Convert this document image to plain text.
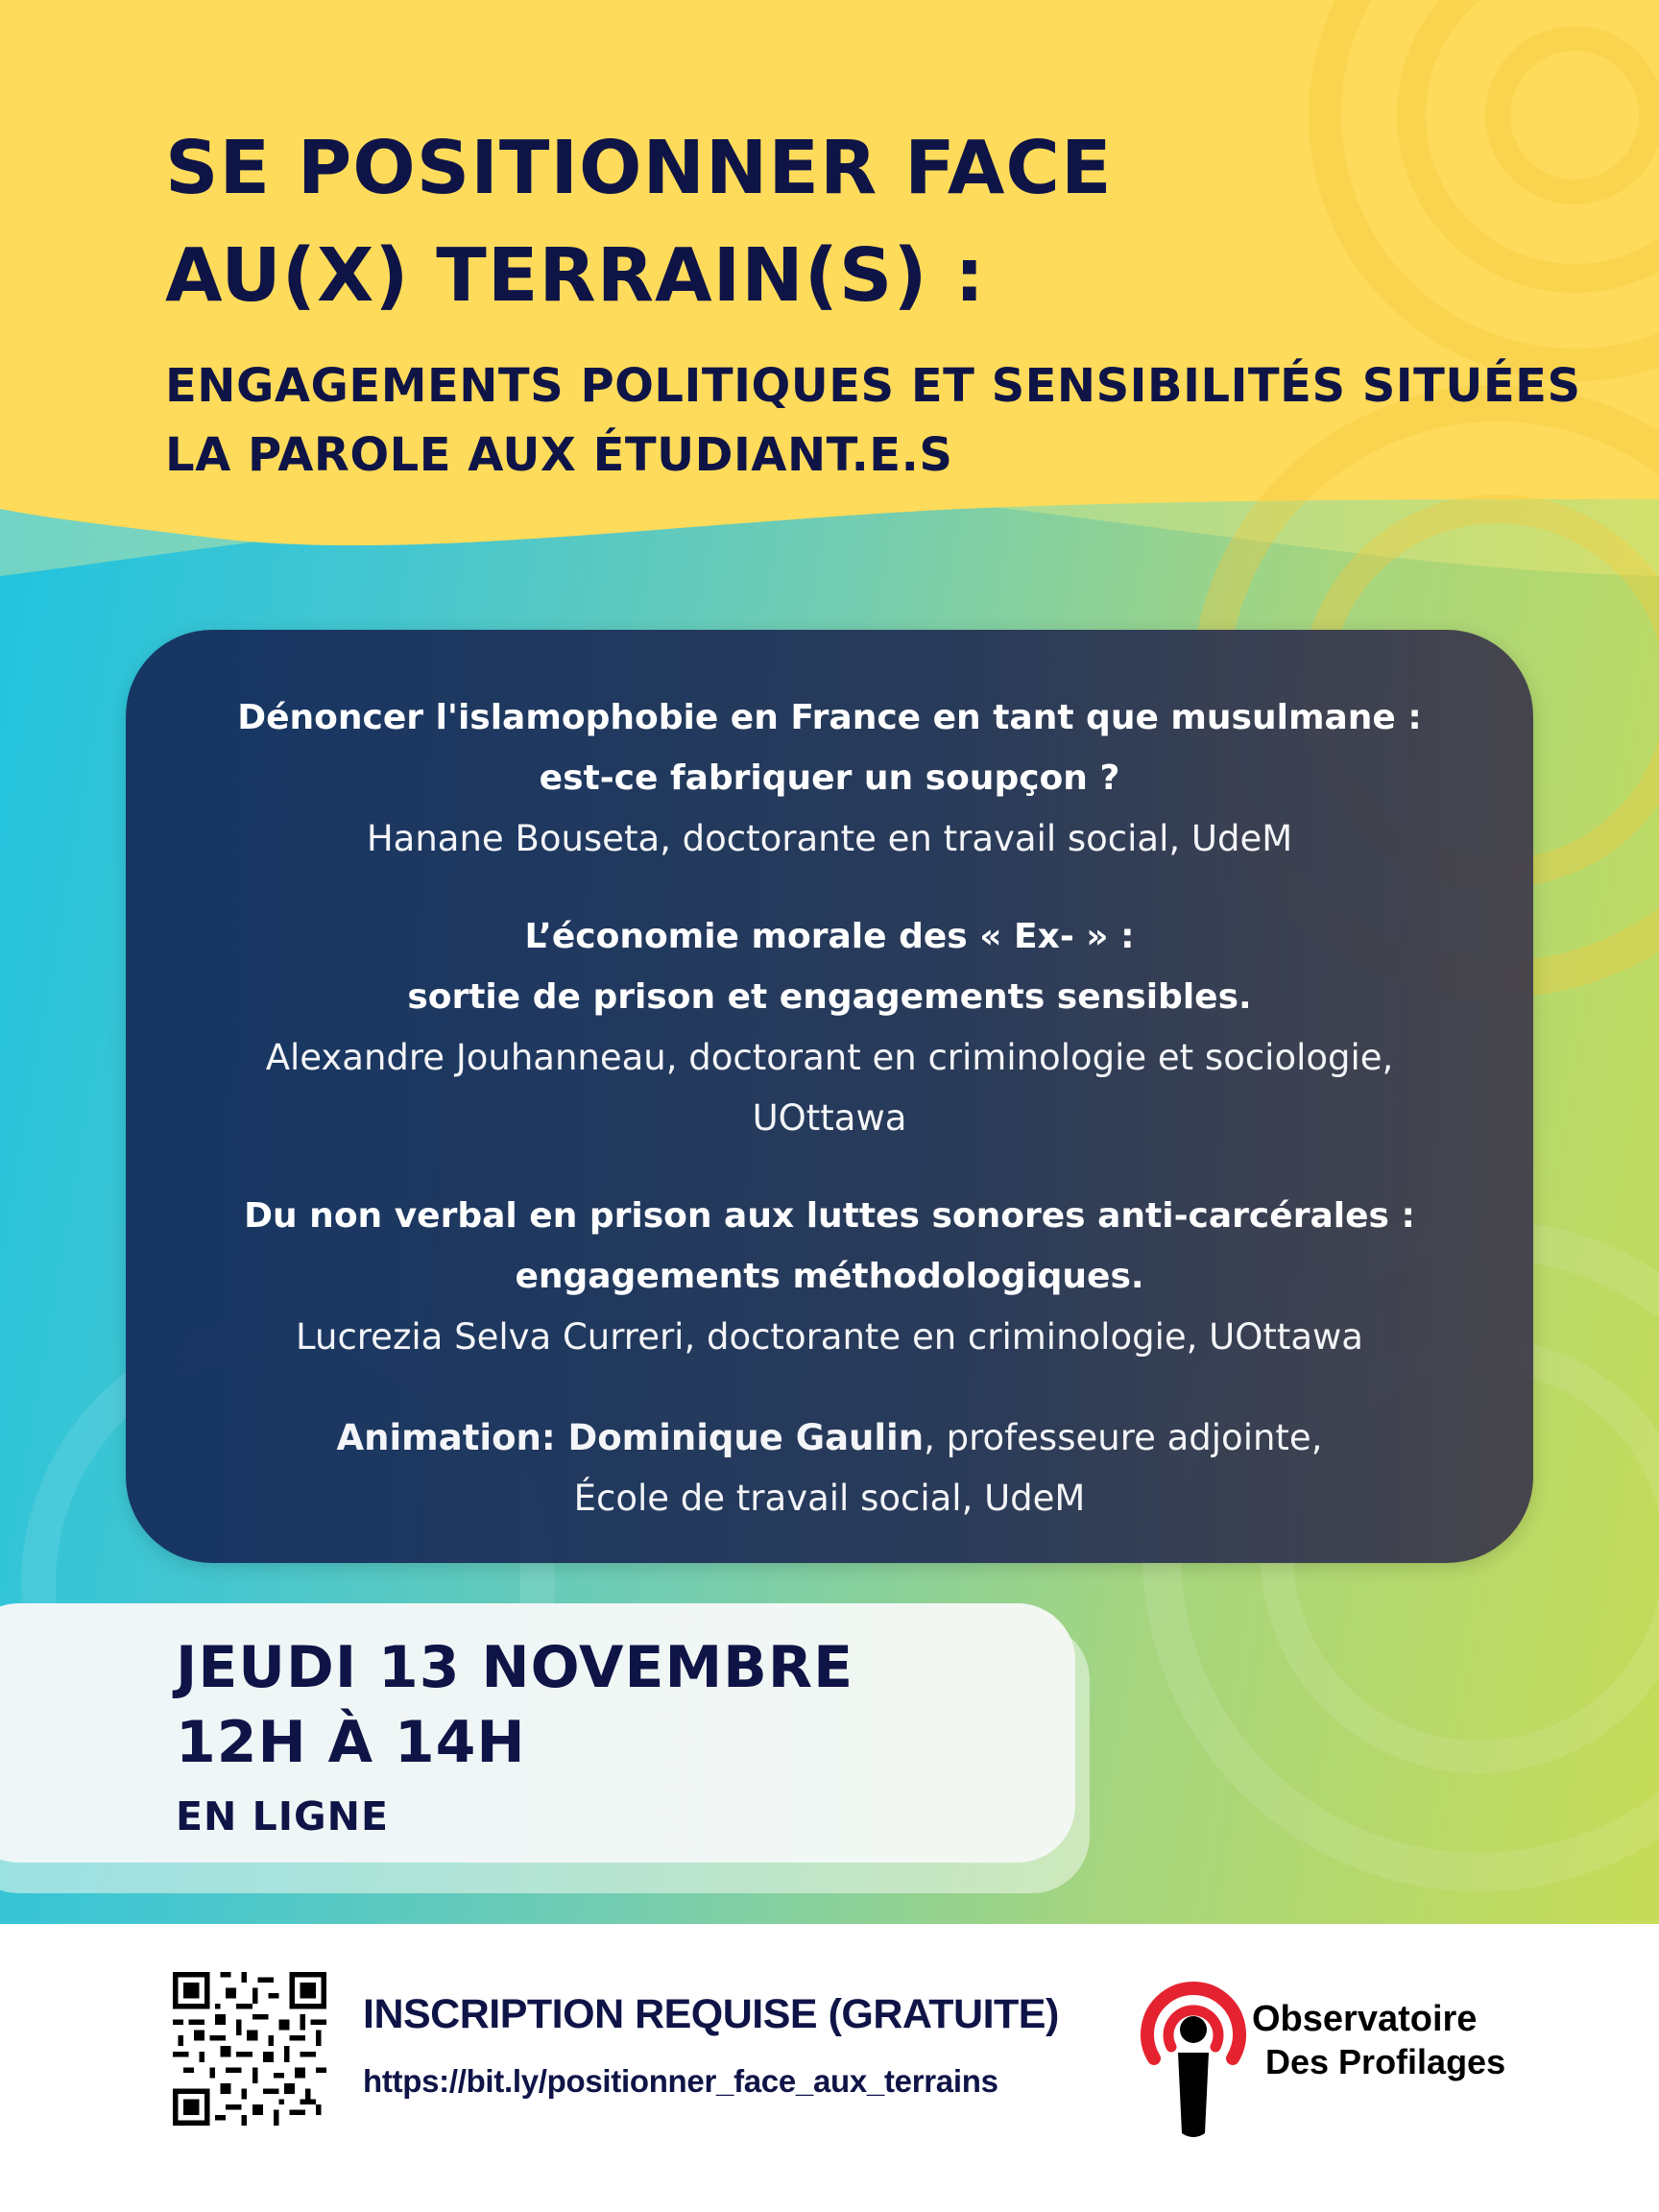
SE POSITIONNER FACE
AU(X) TERRAIN(S) :
ENGAGEMENTS POLITIQUES ET SENSIBILITÉS SITUÉES
LA PAROLE AUX ÉTUDIANT.E.S
Dénoncer l'islamophobie en France en tant que musulmane :
est-ce fabriquer un soupçon ?
Hanane Bouseta, doctorante en travail social, UdeM
L’économie morale des « Ex- » :
sortie de prison et engagements sensibles.
Alexandre Jouhanneau, doctorant en criminologie et sociologie,
UOttawa
Du non verbal en prison aux luttes sonores anti-carcérales :
engagements méthodologiques.
Lucrezia Selva Curreri, doctorante en criminologie, UOttawa
Animation: Dominique Gaulin, professeure adjointe,
École de travail social, UdeM
JEUDI 13 NOVEMBRE
12H À 14H
EN LIGNE
INSCRIPTION REQUISE (GRATUITE)
https://bit.ly/positionner_face_aux_terrains
Observatoire
Des Profilages
